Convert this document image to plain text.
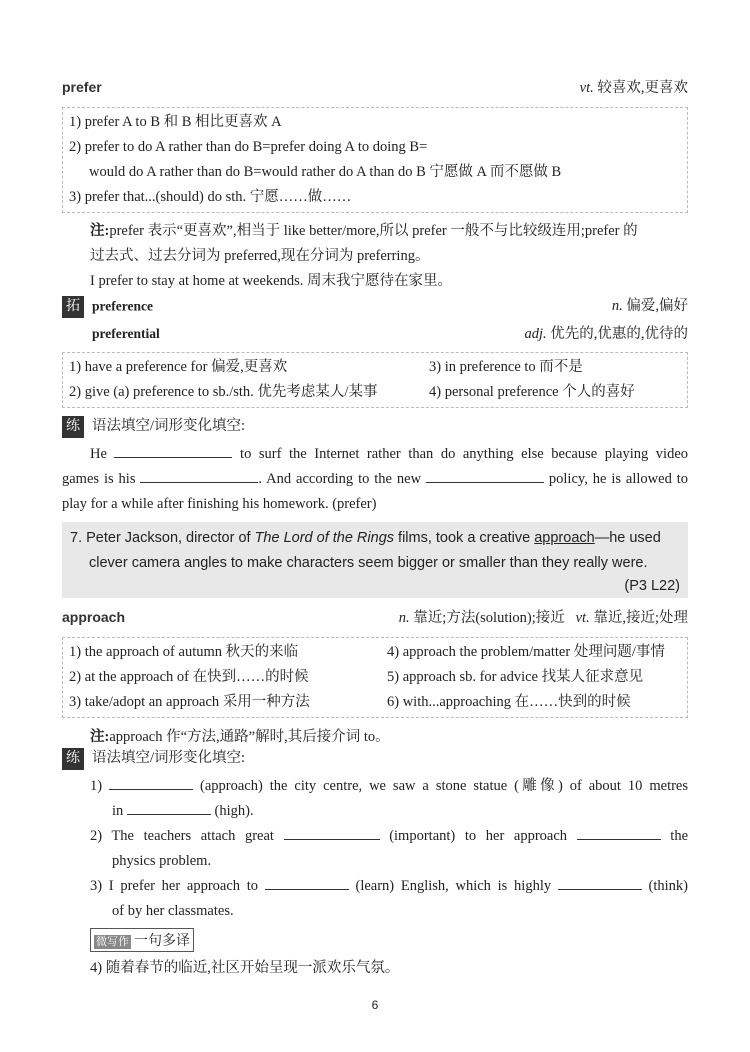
prefer	vt. 较喜欢,更喜欢
1) prefer A to B 和 B 相比更喜欢 A
2) prefer to do A rather than do B=prefer doing A to doing B=
would do A rather than do B=would rather do A than do B 宁愿做 A 而不愿做 B
3) prefer that...(should) do sth. 宁愿……做……
注:prefer 表示“更喜欢”,相当于 like better/more,所以 prefer 一般不与比较级连用;prefer 的
过去式、过去分词为 preferred,现在分词为 preferring。
I prefer to stay at home at weekends. 周末我宁愿待在家里。
拓 preference	n. 偏爱,偏好
preferential	adj. 优先的,优惠的,优待的
1) have a preference for 偏爱,更喜欢	3) in preference to 而不是
2) give (a) preference to sb./sth. 优先考虑某人/某事	4) personal preference 个人的喜好
练 语法填空/词形变化填空:
He	to surf the Internet rather than do anything else because playing video
games is his	. And according to the new	policy, he is allowed to
play for a while after finishing his homework. (prefer)
7. Peter Jackson, director of The Lord of the Rings films, took a creative approach—he used
clever camera angles to make characters seem bigger or smaller than they really were.
(P3 L22)
approach	n. 靠近;方法(solution);接近 vt. 靠近,接近;处理
1) the approach of autumn 秋天的来临	4) approach the problem/matter 处理问题/事情
2) at the approach of 在快到……的时候	5) approach sb. for advice 找某人征求意见
3) take/adopt an approach 采用一种方法	6) with...approaching 在……快到的时候
注:approach 作“方法,通路”解时,其后接介词 to。
练 语法填空/词形变化填空:
1)	(approach) the city centre, we saw a stone statue (雕像) of about 10 metres
in	(high).
2) The teachers attach great	(important) to her approach	the
physics problem.
3) I prefer her approach to	(learn) English, which is highly	(think)
of by her classmates.
微写作 一句多译
4) 随着春节的临近,社区开始呈现一派欢乐气氛。
6
